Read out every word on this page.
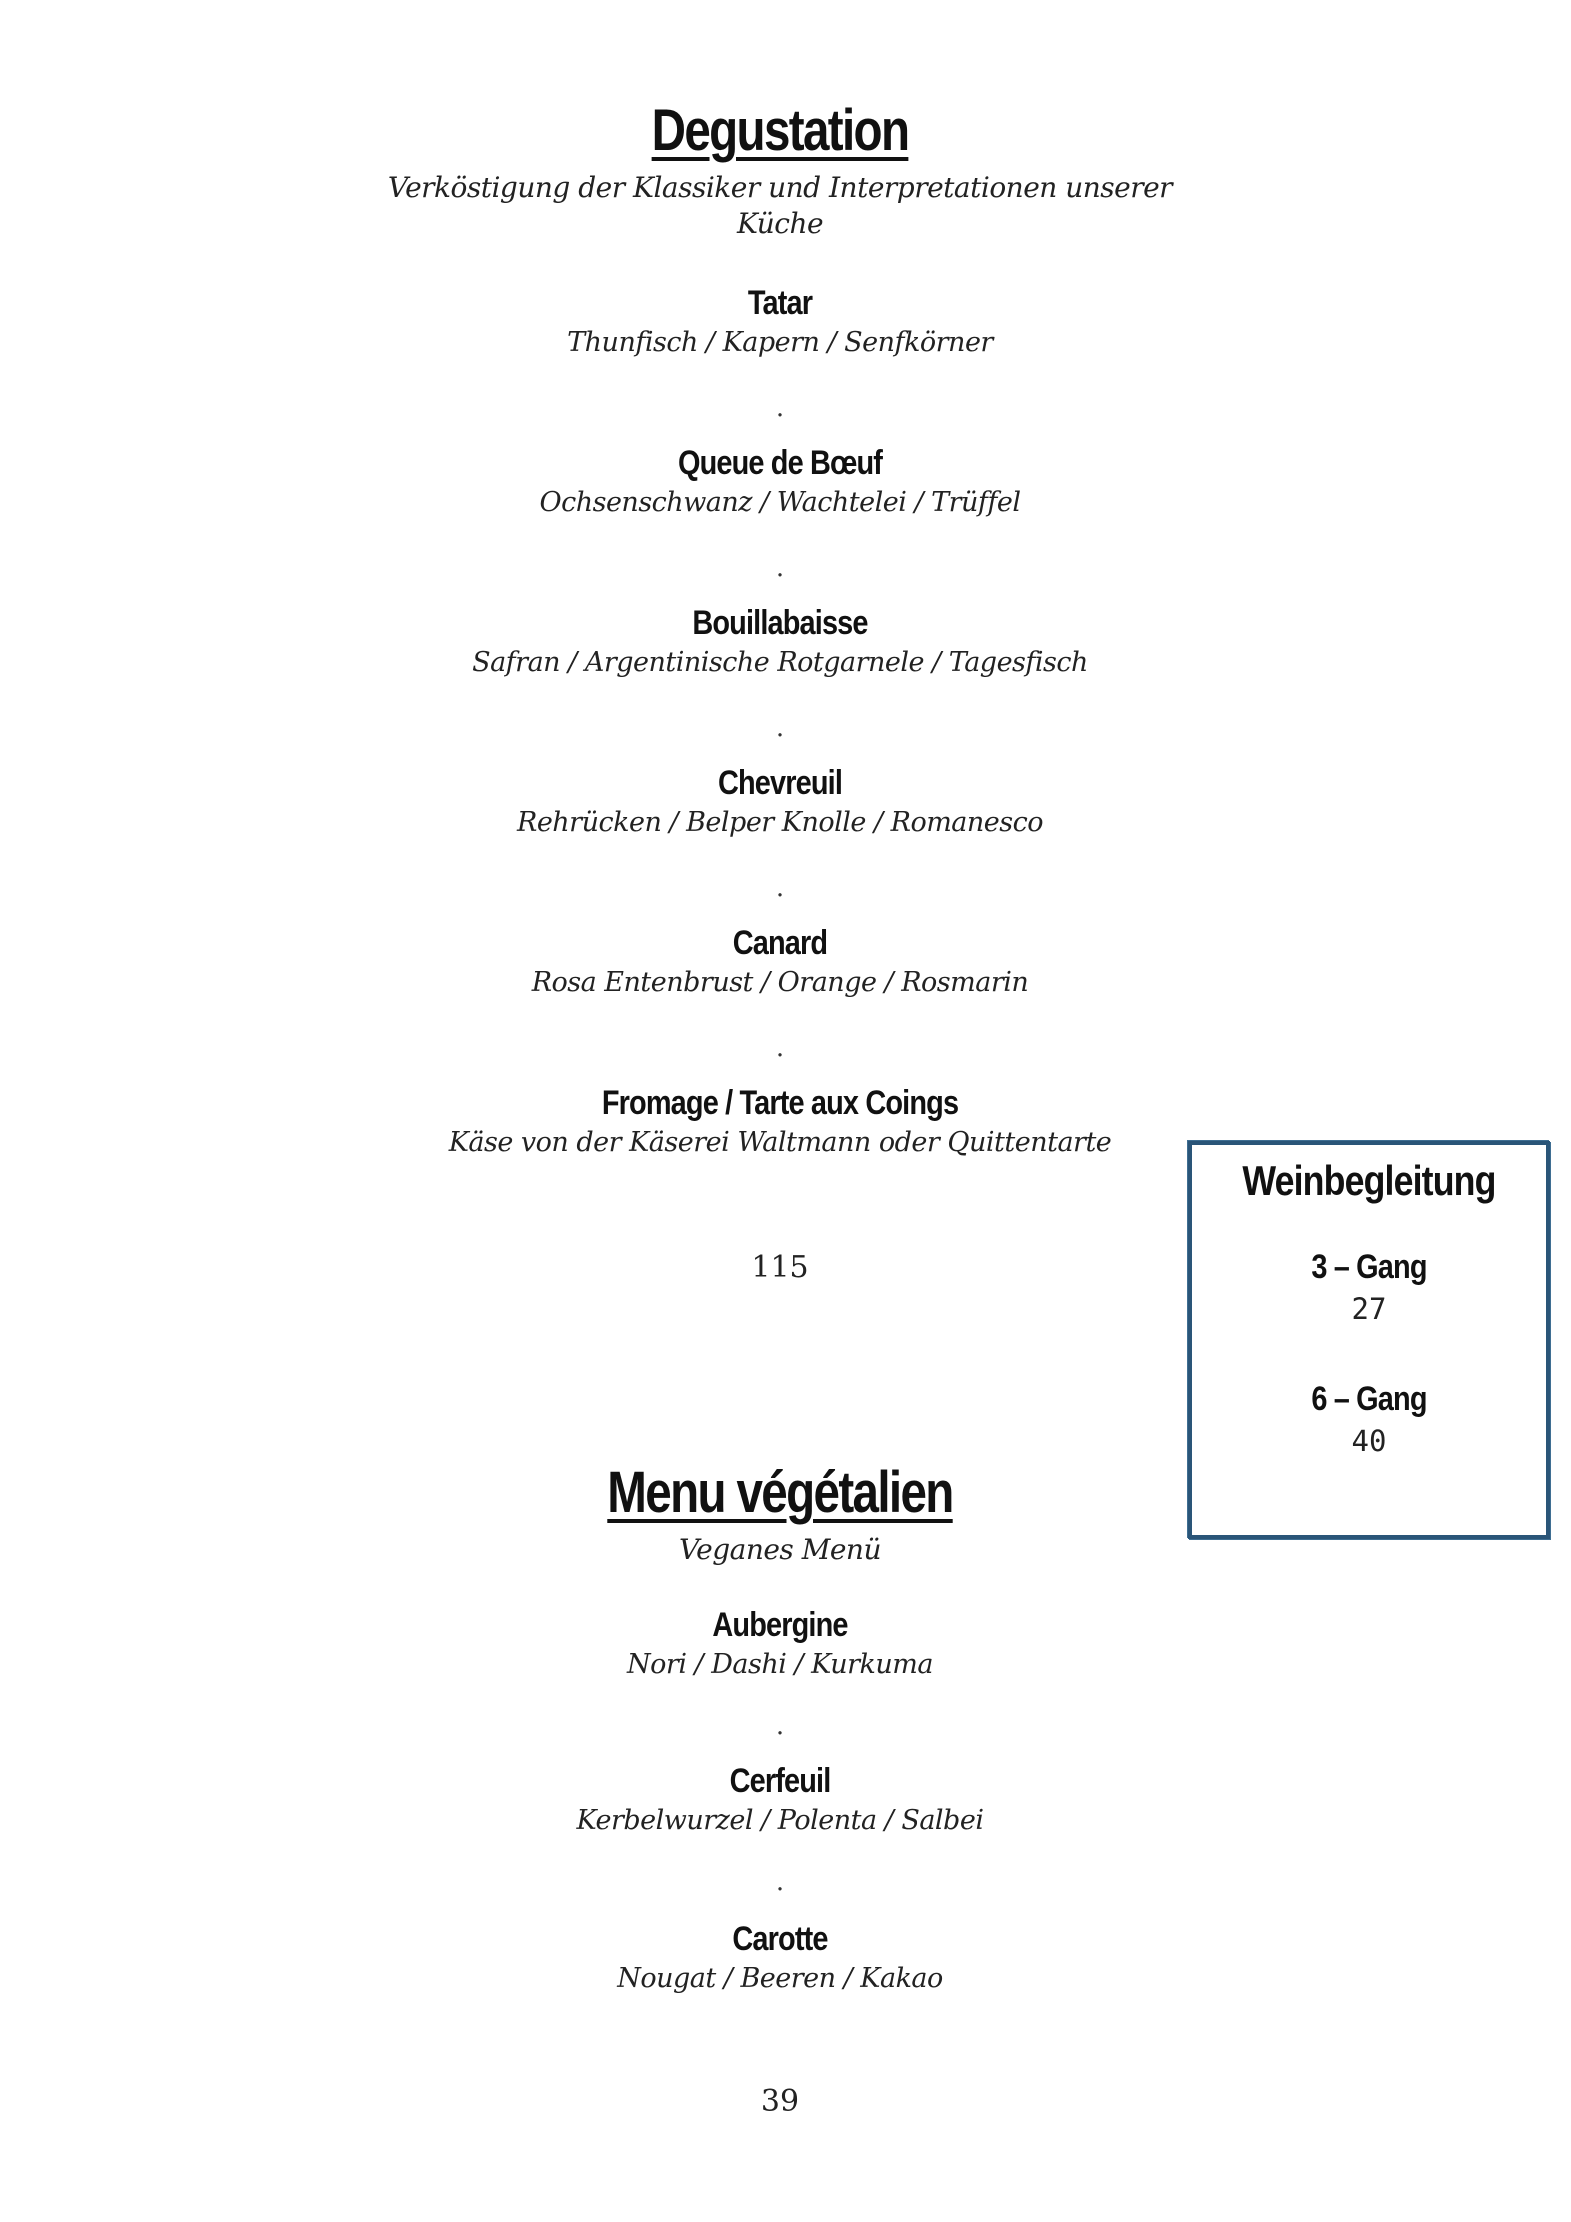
Degustation
Verköstigung der Klassiker und Interpretationen unserer Küche
Tatar
Thunfisch / Kapern / Senfkörner
.
Queue de Bœuf
Ochsenschwanz / Wachtelei / Trüffel
.
Bouillabaisse
Safran / Argentinische Rotgarnele / Tagesfisch
.
Chevreuil
Rehrücken / Belper Knolle / Romanesco
.
Canard
Rosa Entenbrust / Orange / Rosmarin
.
Fromage / Tarte aux Coings
Käse von der Käserei Waltmann oder Quittentarte
115
Menu végétalien
Veganes Menü
Aubergine
Nori / Dashi / Kurkuma
.
Cerfeuil
Kerbelwurzel / Polenta / Salbei
.
Carotte
Nougat / Beeren / Kakao
39
Weinbegleitung
3 – Gang
27
6 – Gang
40
